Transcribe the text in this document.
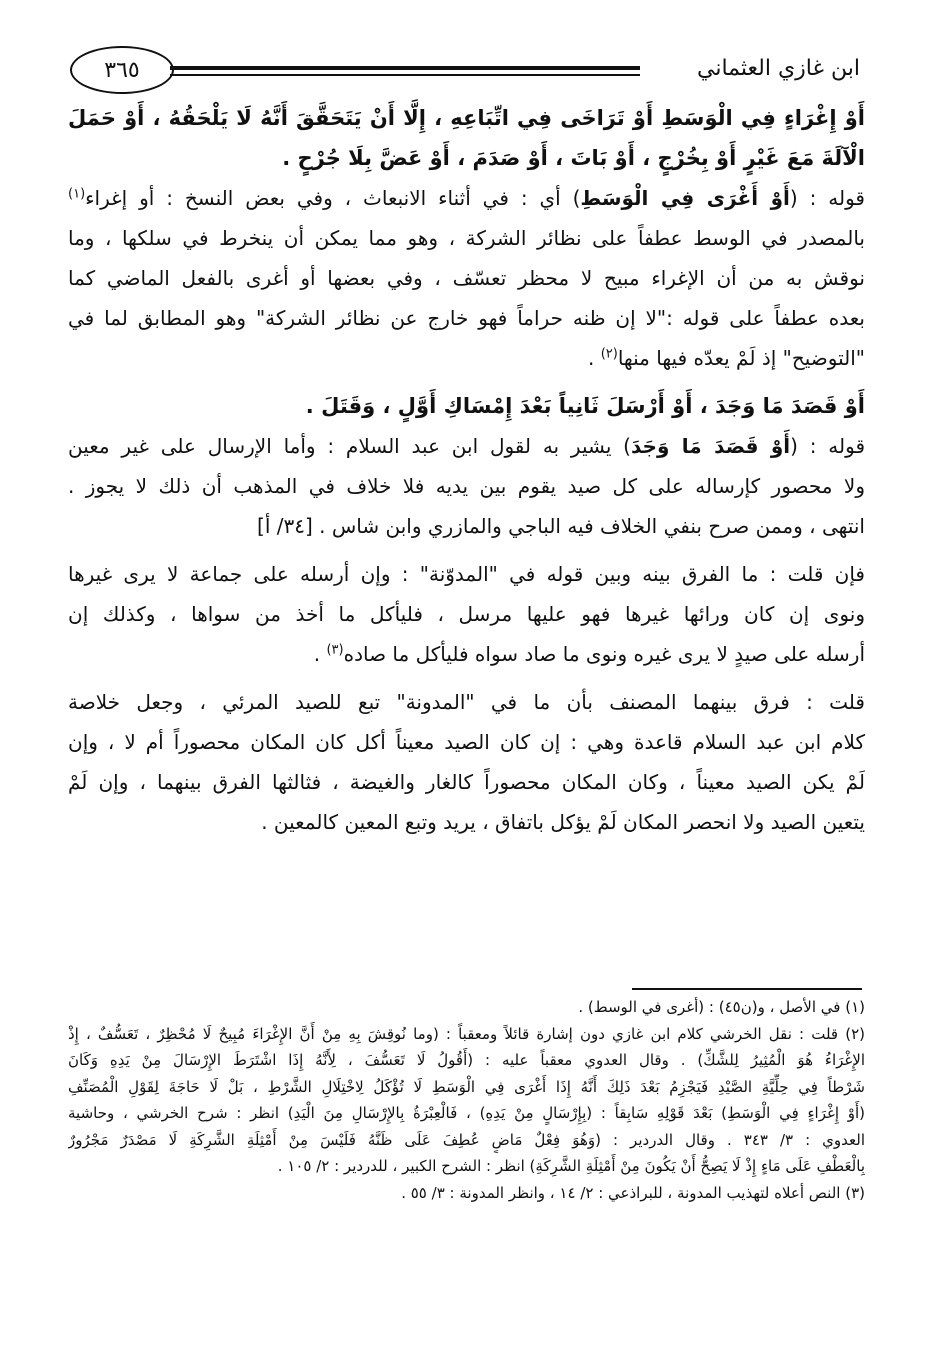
ابن غازي العثماني
٣٦٥
أَوْ إِغْرَاءٍ فِي الْوَسَطِ أَوْ تَرَاخَى فِي اتِّبَاعِهِ ، إِلَّا أَنْ يَتَحَقَّقَ أَنَّهُ لَا يَلْحَقُهُ ، أَوْ حَمَلَ
الْآلَةَ مَعَ غَيْرٍ أَوْ بِخُرْجٍ ، أَوْ بَاتَ ، أَوْ صَدَمَ ، أَوْ عَضَّ بِلَا جُرْحٍ .
قوله : (أَوْ أَغْرَى فِي الْوَسَطِ) أي : في أثناء الانبعاث ، وفي بعض النسخ : أو إغراء$^{(١)}$
بالمصدر في الوسط عطفاً على نظائر الشركة ، وهو مما يمكن أن ينخرط في سلكها ، وما
نوقش به من أن الإغراء مبيح لا محظر تعسّف ، وفي بعضها أو أغرى بالفعل الماضي كما
بعده عطفاً على قوله :"لا إن ظنه حراماً فهو خارج عن نظائر الشركة" وهو المطابق لما في
"التوضيح" إذ لَمْ يعدّه فيها منها$^{(٢)}$ .
أَوْ قَصَدَ مَا وَجَدَ ، أَوْ أَرْسَلَ ثَانِياً بَعْدَ إِمْسَاكِ أَوَّلٍ ، وَقَتَلَ .
قوله : (أَوْ قَصَدَ مَا وَجَدَ) يشير به لقول ابن عبد السلام : وأما الإرسال على غير معين
ولا محصور كإرساله على كل صيد يقوم بين يديه فلا خلاف في المذهب أن ذلك لا يجوز .
انتهى ، وممن صرح بنفي الخلاف فيه الباجي والمازري وابن شاس . [٣٤/ أ]
فإن قلت : ما الفرق بينه وبين قوله في "المدوّنة" : وإن أرسله على جماعة لا يرى غيرها
ونوى إن كان ورائها غيرها فهو عليها مرسل ، فليأكل ما أخذ من سواها ، وكذلك إن
أرسله على صيدٍ لا يرى غيره ونوى ما صاد سواه فليأكل ما صاده$^{(٣)}$ .
قلت : فرق بينهما المصنف بأن ما في "المدونة" تبع للصيد المرئي ، وجعل خلاصة
كلام ابن عبد السلام قاعدة وهي : إن كان الصيد معيناً أكل كان المكان محصوراً أم لا ، وإن
لَمْ يكن الصيد معيناً ، وكان المكان محصوراً كالغار والغيضة ، فثالثها الفرق بينهما ، وإن لَمْ
يتعين الصيد ولا انحصر المكان لَمْ يؤكل باتفاق ، يريد وتبع المعين كالمعين .
(١) في الأصل ، و(ن٤٥) : (أغرى في الوسط) .
(٢) قلت : نقل الخرشي كلام ابن غازي دون إشارة قائلاً ومعقباً : (وما نُوقِشَ بِهِ مِنْ أَنَّ الإِغْرَاءَ مُبِيحٌ لَا مُحْظِرٌ ، تَعَسُّفٌ ، إِذْ
الإِغْرَاءُ هُوَ الْمُثِيرُ لِلشَّكِّ) . وقال العدوي معقباً عليه : (أَقُولُ لَا تَعَسُّفَ ، لِأَنَّهُ إِذَا اشْتَرَطَ الإِرْسَالَ مِنْ يَدِهِ وَكَانَ
شَرْطاً فِي حِلِّيَّةِ الصَّيْدِ فَيَجْزِمُ بَعْدَ ذَلِكَ أَنَّهُ إِذَا أَغْرَى فِي الْوَسَطِ لَا تُؤْكَلُ لِاخْتِلَالِ الشَّرْطِ ، بَلْ لَا حَاجَةَ لِقَوْلِ الْمُصَنِّفِ
(أَوْ إِغْرَاءٍ فِي الْوَسَطِ) بَعْدَ قَوْلِهِ سَابِقاً : (بِإِرْسَالٍ مِنْ يَدِهِ) ، فَالْعِبْرَةُ بِالإِرْسَالِ مِنَ الْيَدِ) انظر : شرح الخرشي ، وحاشية
العدوي : ٣/ ٣٤٣ . وقال الدردير : (وَهُوَ فِعْلٌ مَاضٍ عُطِفَ عَلَى ظَنَّهُ فَلَيْسَ مِنْ أَمْثِلَةِ الشَّرِكَةِ لَا مَصْدَرٌ مَجْرُورٌ
بِالْعَطْفِ عَلَى مَاءٍ إِذْ لَا يَصِحُّ أَنْ يَكُونَ مِنْ أَمْثِلَةِ الشَّرِكَةِ) انظر : الشرح الكبير ، للدردير : ٢/ ١٠٥ .
(٣) النص أعلاه لتهذيب المدونة ، للبراذعي : ٢/ ١٤ ، وانظر المدونة : ٣/ ٥٥ .
